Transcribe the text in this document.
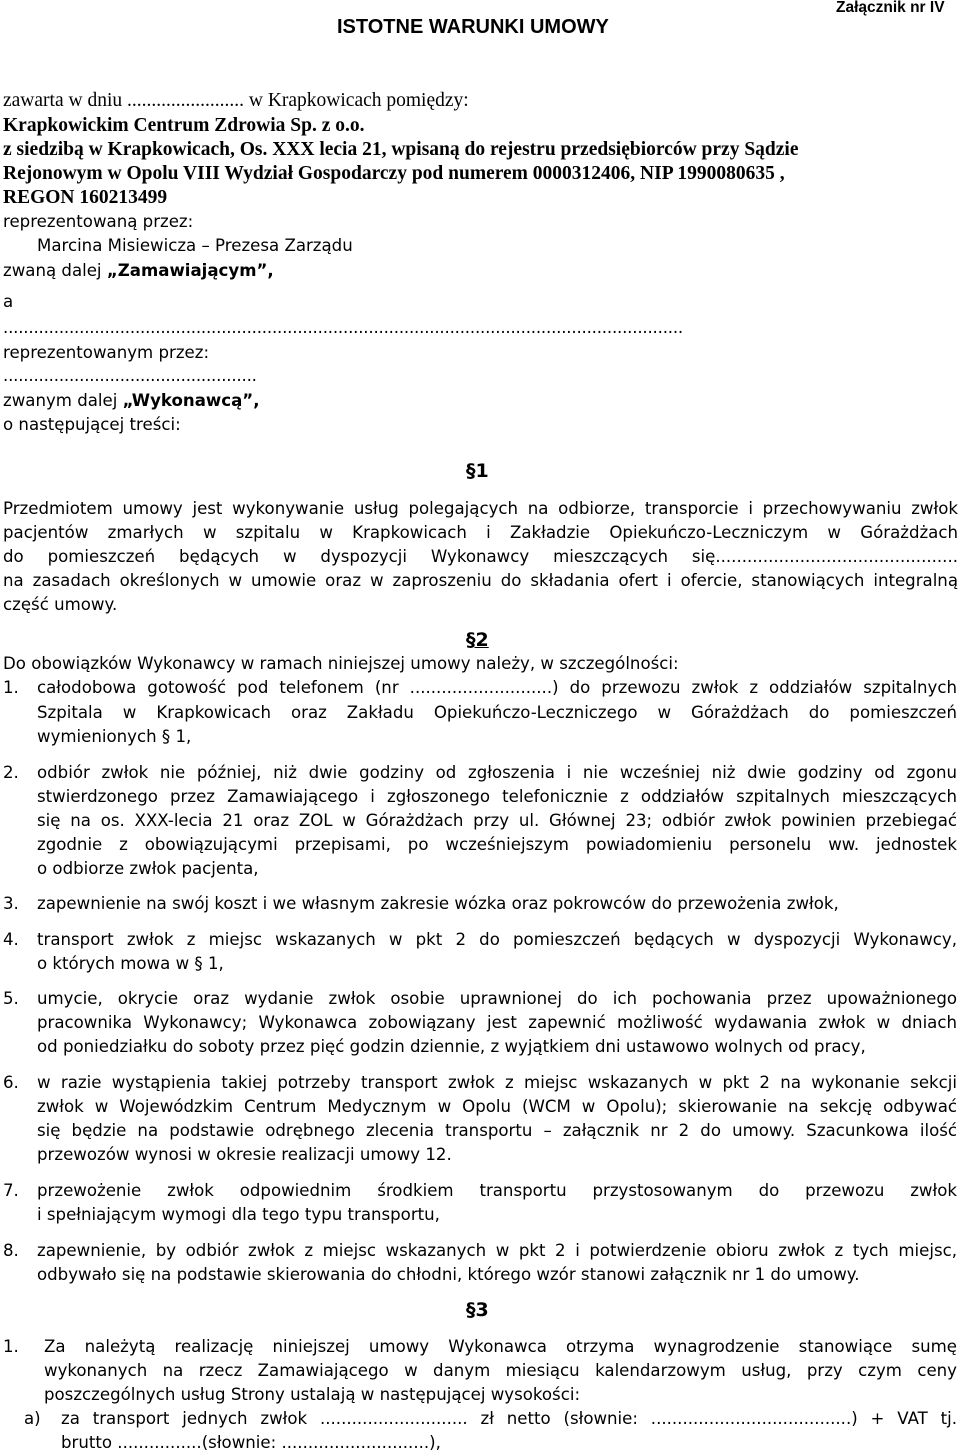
ISTOTNE WARUNKI UMOWY
Załącznik nr IV
zawarta w dniu ........................ w Krapkowicach pomiędzy:
Krapkowickim Centrum Zdrowia Sp. z o.o.
z siedzibą w Krapkowicach, Os. XXX lecia 21, wpisaną do rejestru przedsiębiorców przy Sądzie
Rejonowym w Opolu VIII Wydział Gospodarczy pod numerem 0000312406, NIP 1990080635 ,
REGON 160213499
reprezentowaną przez:
Marcina Misiewicza – Prezesa Zarządu
zwaną dalej „Zamawiającym”,
a
......................................................................................................................................
reprezentowanym przez:
..................................................
zwanym dalej „Wykonawcą”,
o następującej treści:
§1
Przedmiotem umowy jest wykonywanie usług polegających na odbiorze, transporcie i przechowywaniu zwłok
pacjentów zmarłych w szpitalu w Krapkowicach i Zakładzie Opiekuńczo-Leczniczym w Górażdżach
do pomieszczeń będących w dyspozycji Wykonawcy mieszczących się..............................................
na zasadach określonych w umowie oraz w zaproszeniu do składania ofert i ofercie, stanowiących integralną
część umowy.
§2
Do obowiązków Wykonawcy w ramach niniejszej umowy należy, w szczególności:
1. całodobowa gotowość pod telefonem (nr ...........................) do przewozu zwłok z oddziałów szpitalnych
Szpitala w Krapkowicach oraz Zakładu Opiekuńczo-Leczniczego w Górażdżach do pomieszczeń
wymienionych § 1,
2. odbiór zwłok nie później, niż dwie godziny od zgłoszenia i nie wcześniej niż dwie godziny od zgonu
stwierdzonego przez Zamawiającego i zgłoszonego telefonicznie z oddziałów szpitalnych mieszczących
się na os. XXX-lecia 21 oraz ZOL w Górażdżach przy ul. Głównej 23; odbiór zwłok powinien przebiegać
zgodnie z obowiązującymi przepisami, po wcześniejszym powiadomieniu personelu ww. jednostek
o odbiorze zwłok pacjenta,
3. zapewnienie na swój koszt i we własnym zakresie wózka oraz pokrowców do przewożenia zwłok,
4. transport zwłok z miejsc wskazanych w pkt 2 do pomieszczeń będących w dyspozycji Wykonawcy,
o których mowa w § 1,
5. umycie, okrycie oraz wydanie zwłok osobie uprawnionej do ich pochowania przez upoważnionego
pracownika Wykonawcy; Wykonawca zobowiązany jest zapewnić możliwość wydawania zwłok w dniach
od poniedziałku do soboty przez pięć godzin dziennie, z wyjątkiem dni ustawowo wolnych od pracy,
6. w razie wystąpienia takiej potrzeby transport zwłok z miejsc wskazanych w pkt 2 na wykonanie sekcji
zwłok w Wojewódzkim Centrum Medycznym w Opolu (WCM w Opolu); skierowanie na sekcję odbywać
się będzie na podstawie odrębnego zlecenia transportu – załącznik nr 2 do umowy. Szacunkowa ilość
przewozów wynosi w okresie realizacji umowy 12.
7. przewożenie zwłok odpowiednim środkiem transportu przystosowanym do przewozu zwłok
i spełniającym wymogi dla tego typu transportu,
8. zapewnienie, by odbiór zwłok z miejsc wskazanych w pkt 2 i potwierdzenie obioru zwłok z tych miejsc,
odbywało się na podstawie skierowania do chłodni, którego wzór stanowi załącznik nr 1 do umowy.
§3
1. Za należytą realizację niniejszej umowy Wykonawca otrzyma wynagrodzenie stanowiące sumę
wykonanych na rzecz Zamawiającego w danym miesiącu kalendarzowym usług, przy czym ceny
poszczególnych usług Strony ustalają w następującej wysokości:
a) za transport jednych zwłok ............................ zł netto (słownie: ......................................) + VAT tj.
brutto ................(słownie: ............................),
